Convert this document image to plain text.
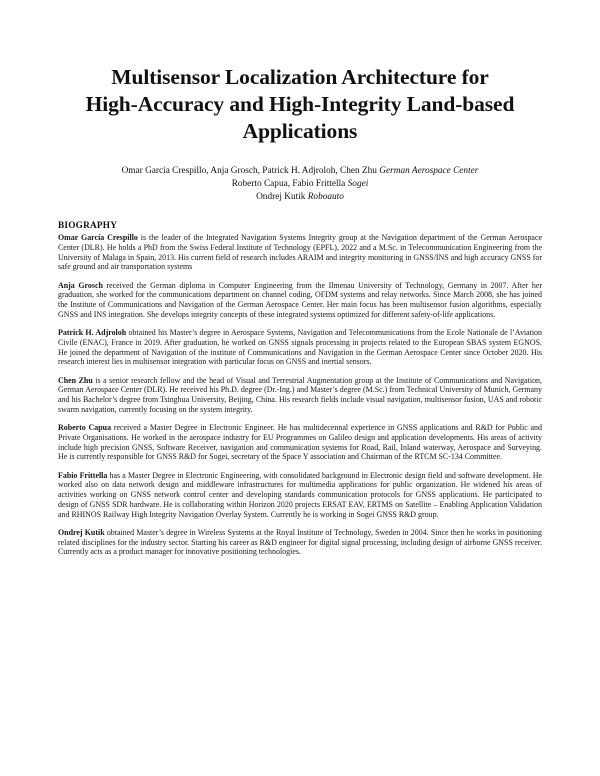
Multisensor Localization Architecture for
High-Accuracy and High-Integrity Land-based
Applications
Omar García Crespillo, Anja Grosch, Patrick H. Adjroloh, Chen Zhu German Aerospace Center
Roberto Capua, Fabio Frittella Sogei
Ondrej Kutik Roboauto
BIOGRAPHY

Omar García Crespillo is the leader of the Integrated Navigation Systems Integrity group at the Navigation department of the German Aerospace Center (DLR). He holds a PhD from the Swiss Federal Institute of Technology (EPFL), 2022 and a M.Sc. in Telecommunication Engineering from the University of Malaga in Spain, 2013. His current field of research includes ARAIM and integrity monitoring in GNSS/INS and high accuracy GNSS for safe ground and air transportation systems

Anja Grosch received the German diploma in Computer Engineering from the Ilmenau University of Technology, Germany in 2007. After her graduation, she worked for the communications department on channel coding, OFDM systems and relay networks. Since March 2008, she has joined the Institute of Communications and Navigation of the German Aerospace Center. Her main focus has been multisensor fusion algorithms, especially GNSS and INS integration. She develops integrity concepts of these integrated systems optimized for different safety-of-life applications.

Patrick H. Adjroloh obtained his Master’s degree in Aerospace Systems, Navigation and Telecommunications from the Ecole Nationale de l’Aviation Civile (ENAC), France in 2019. After graduation, he worked on GNSS signals processing in projects related to the European SBAS system EGNOS. He joined the department of Navigation of the institute of Communications and Navigation in the German Aerospace Center since October 2020. His research interest lies in multisensor integration with particular focus on GNSS and inertial sensors.

Chen Zhu is a senior research fellow and the head of Visual and Terrestrial Augmentation group at the Institute of Communications and Navigation, German Aerospace Center (DLR). He received his Ph.D. degree (Dr.-Ing.) and Master’s degree (M.Sc.) from Technical University of Munich, Germany and his Bachelor’s degree from Tsinghua University, Beijing, China. His research fields include visual navigation, multisensor fusion, UAS and robotic swarm navigation, currently focusing on the system integrity.

Roberto Capua received a Master Degree in Electronic Engineer. He has multidecennal experience in GNSS applications and R&D for Public and Private Organisations. He worked in the aerospace industry for EU Programmes on Galileo design and application developments. His areas of activity include high precision GNSS, Software Receiver, navigation and communication systems for Road, Rail, Inland waterway, Aerospace and Surveying. He is currently responsible for GNSS R&D for Sogei, secretary of the Space Y association and Chairman of the RTCM SC-134 Committee.

Fabio Frittella has a Master Degree in Electronic Engineering, with consolidated background in Electronic design field and software development. He worked also on data network design and middleware infrastructures for multimedia applications for public organization. He widened his areas of activities working on GNSS network control center and developing standards communication protocols for GNSS applications. He participated to design of GNSS SDR hardware. He is collaborating within Horizon 2020 projects ERSAT EAV, ERTMS on Satellite – Enabling Application Validation and RHINOS Railway High Integrity Navigation Overlay System. Currently he is working in Sogei GNSS R&D group.

Ondrej Kutik obtained Master’s degree in Wireless Systems at the Royal Institute of Technology, Sweden in 2004. Since then he works in positioning related disciplines for the industry sector. Starting his career as R&D engineer for digital signal processing, including design of airborne GNSS receiver. Currently acts as a product manager for innovative positioning technologies.
